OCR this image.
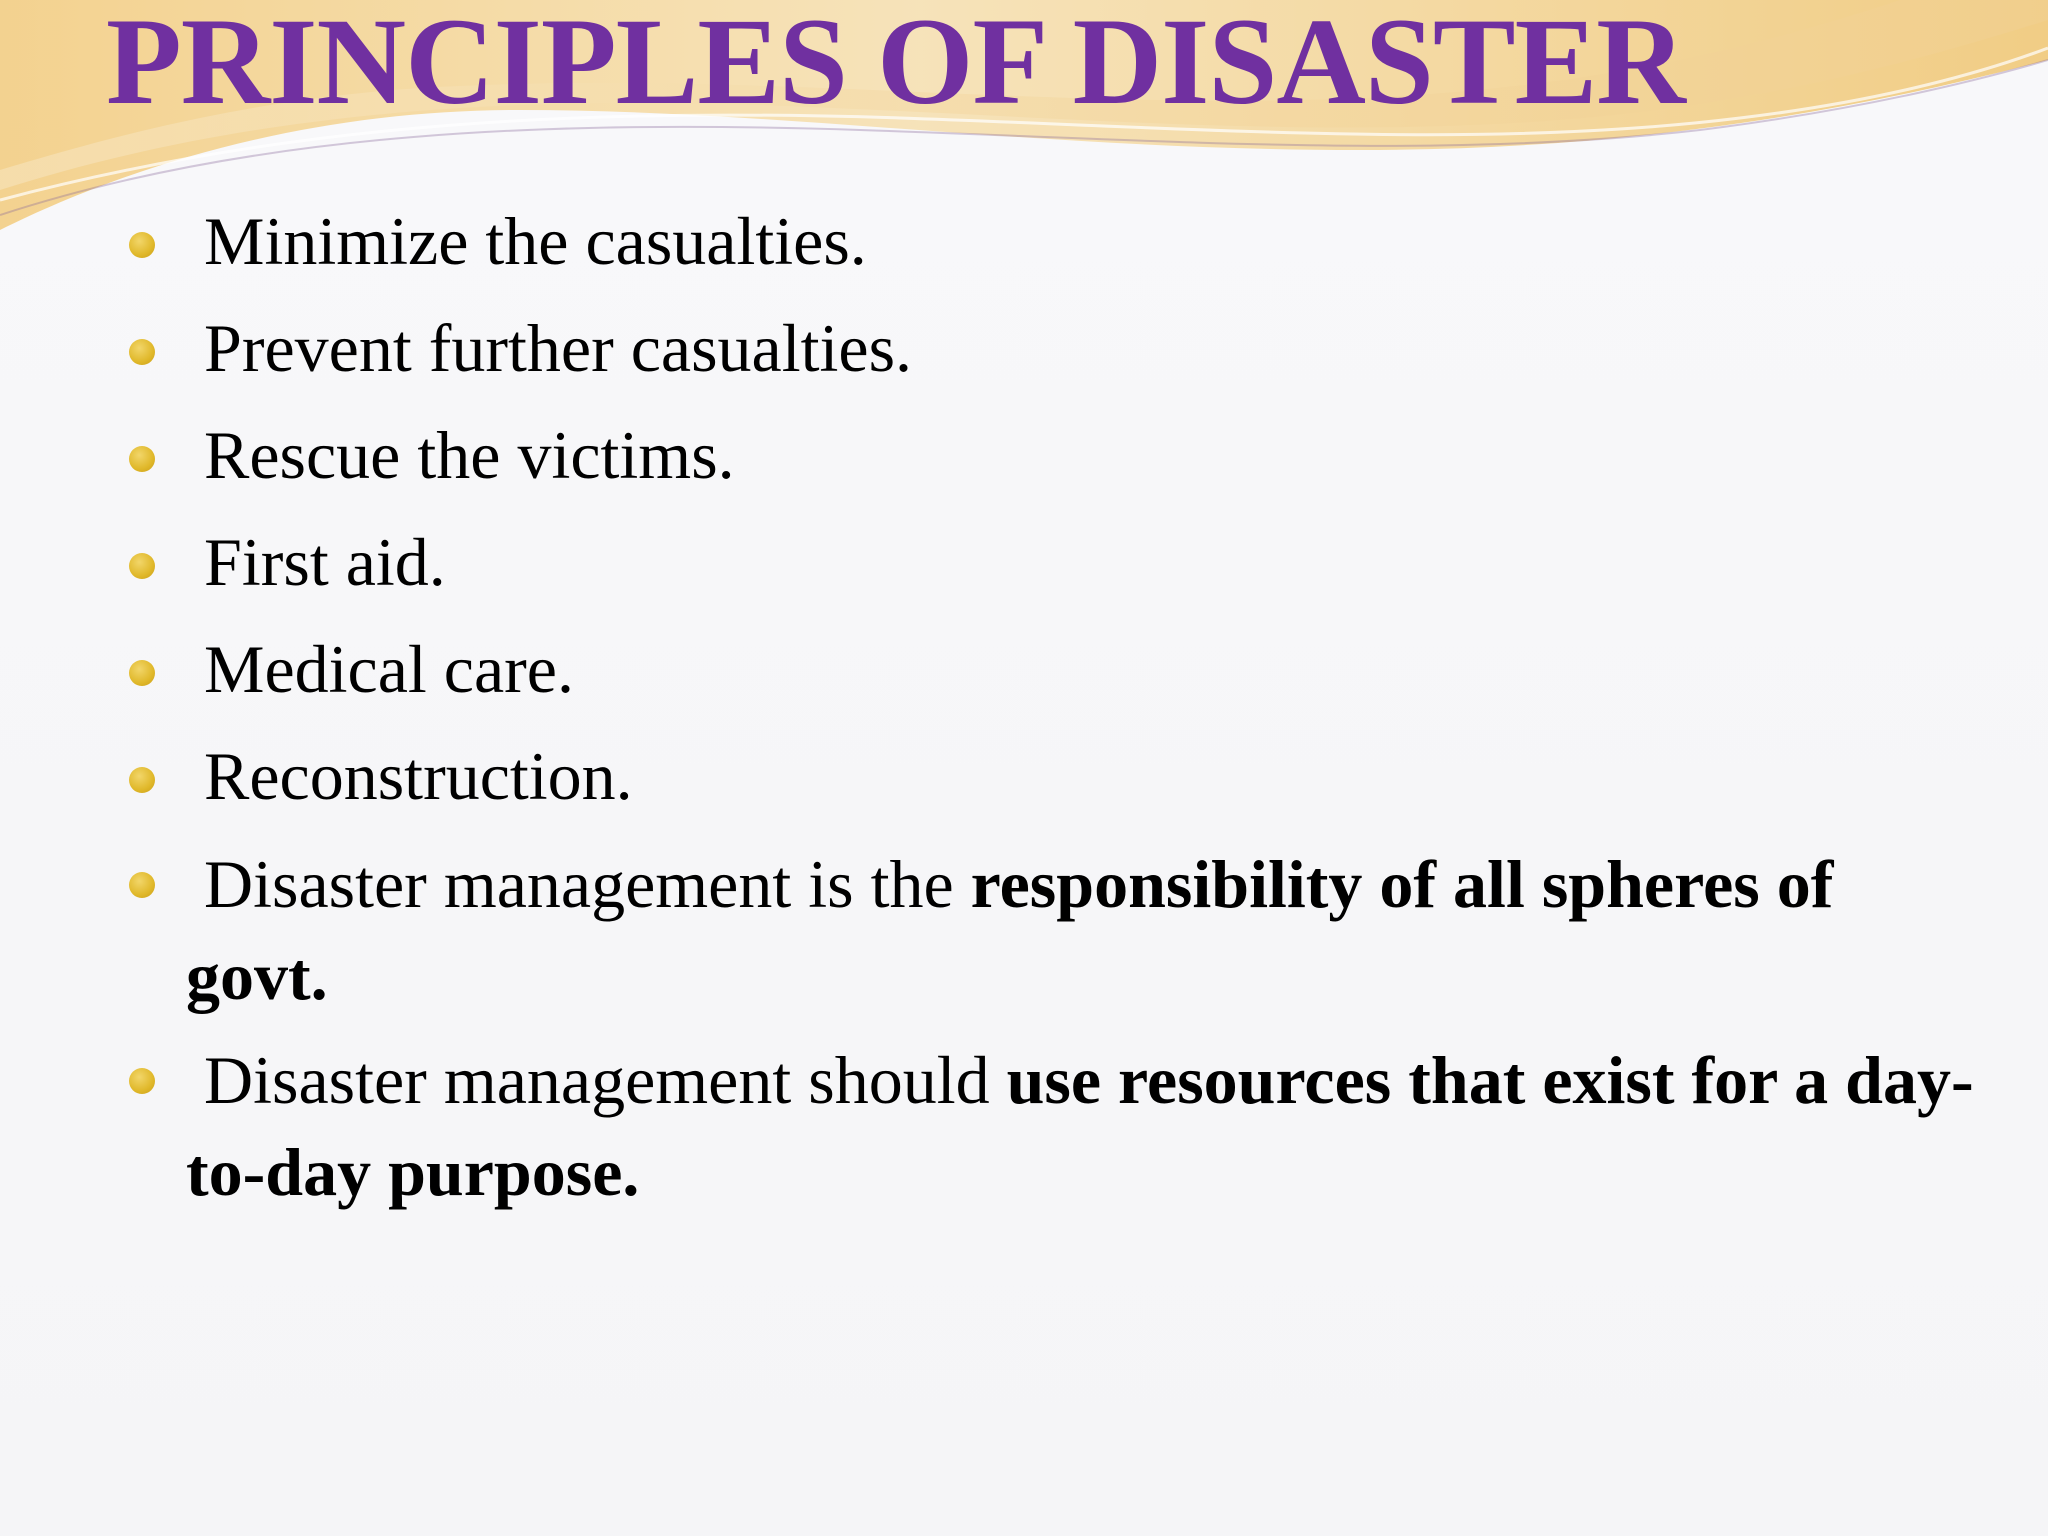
PRINCIPLES OF DISASTER
Minimize the casualties.
Prevent further casualties.
Rescue the victims.
First aid.
Medical care.
Reconstruction.
Disaster management is the responsibility of all spheres of govt.
Disaster management should use resources that exist for a day-to-day purpose.
